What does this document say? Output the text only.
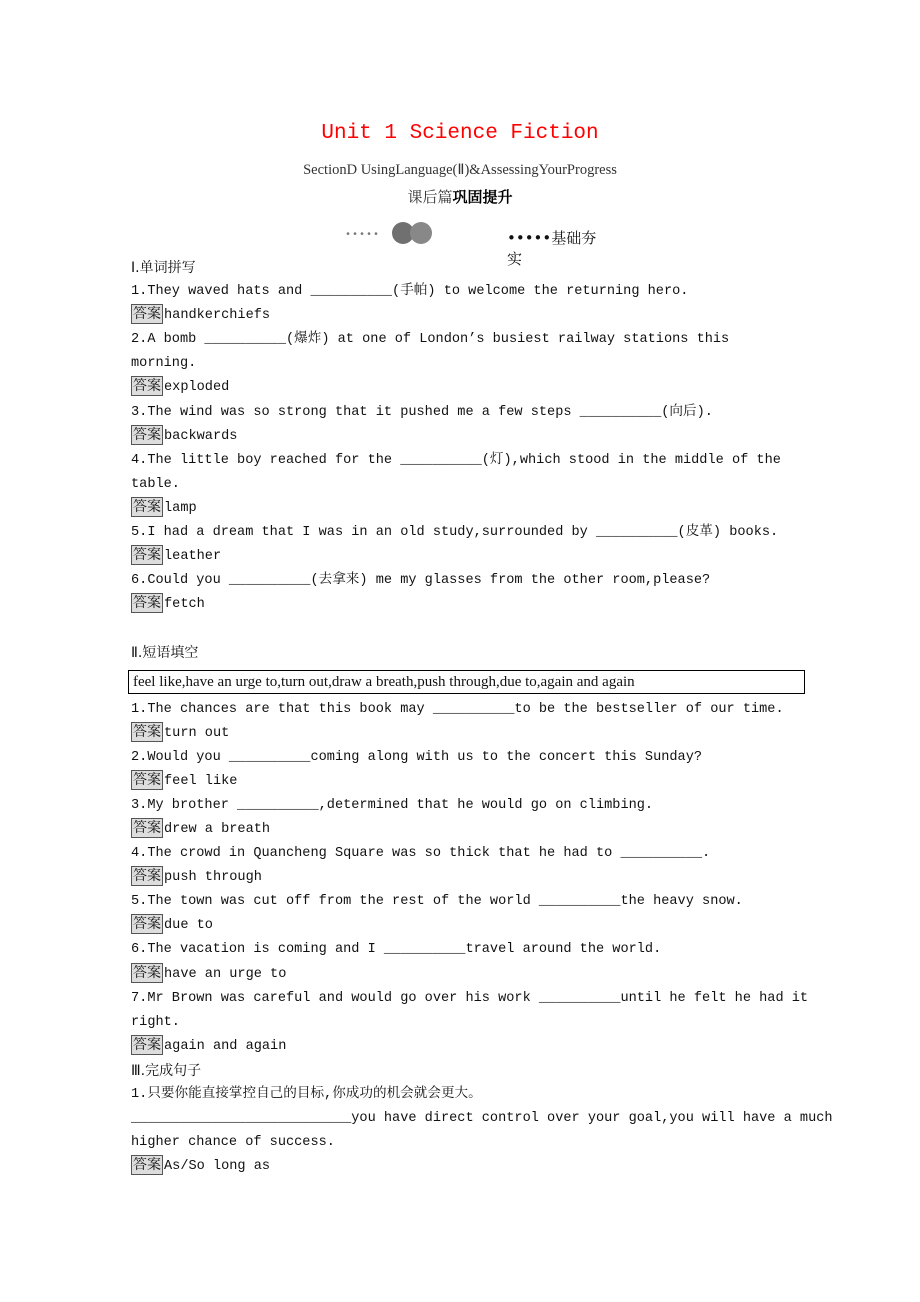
Unit 1 Science Fiction
SectionD UsingLanguage(Ⅱ)&AssessingYourProgress
课后篇巩固提升
•••••	•••••基础夯实
Ⅰ.单词拼写
1.They waved hats and __________(手帕) to welcome the returning hero.
答案 handkerchiefs
2.A bomb __________(爆炸) at one of London’s busiest railway stations this
morning.
答案 exploded
3.The wind was so strong that it pushed me a few steps __________(向后).
答案 backwards
4.The little boy reached for the __________(灯),which stood in the middle of the
table.
答案 lamp
5.I had a dream that I was in an old study,surrounded by __________(皮革) books.
答案 leather
6.Could you __________(去拿来) me my glasses from the other room,please?
答案 fetch
Ⅱ.短语填空
feel like,have an urge to,turn out,draw a breath,push through,due to,again and again
1.The chances are that this book may __________to be the bestseller of our time.
答案 turn out
2.Would you __________coming along with us to the concert this Sunday?
答案 feel like
3.My brother __________,determined that he would go on climbing.
答案 drew a breath
4.The crowd in Quancheng Square was so thick that he had to __________.
答案 push through
5.The town was cut off from the rest of the world __________the heavy snow.
答案 due to
6.The vacation is coming and I __________travel around the world.
答案 have an urge to
7.Mr Brown was careful and would go over his work __________until he felt he had it
right.
答案 again and again
Ⅲ.完成句子
1.只要你能直接掌控自己的目标,你成功的机会就会更大。
___________________________you have direct control over your goal,you will have a much
higher chance of success.
答案 As/So long as
